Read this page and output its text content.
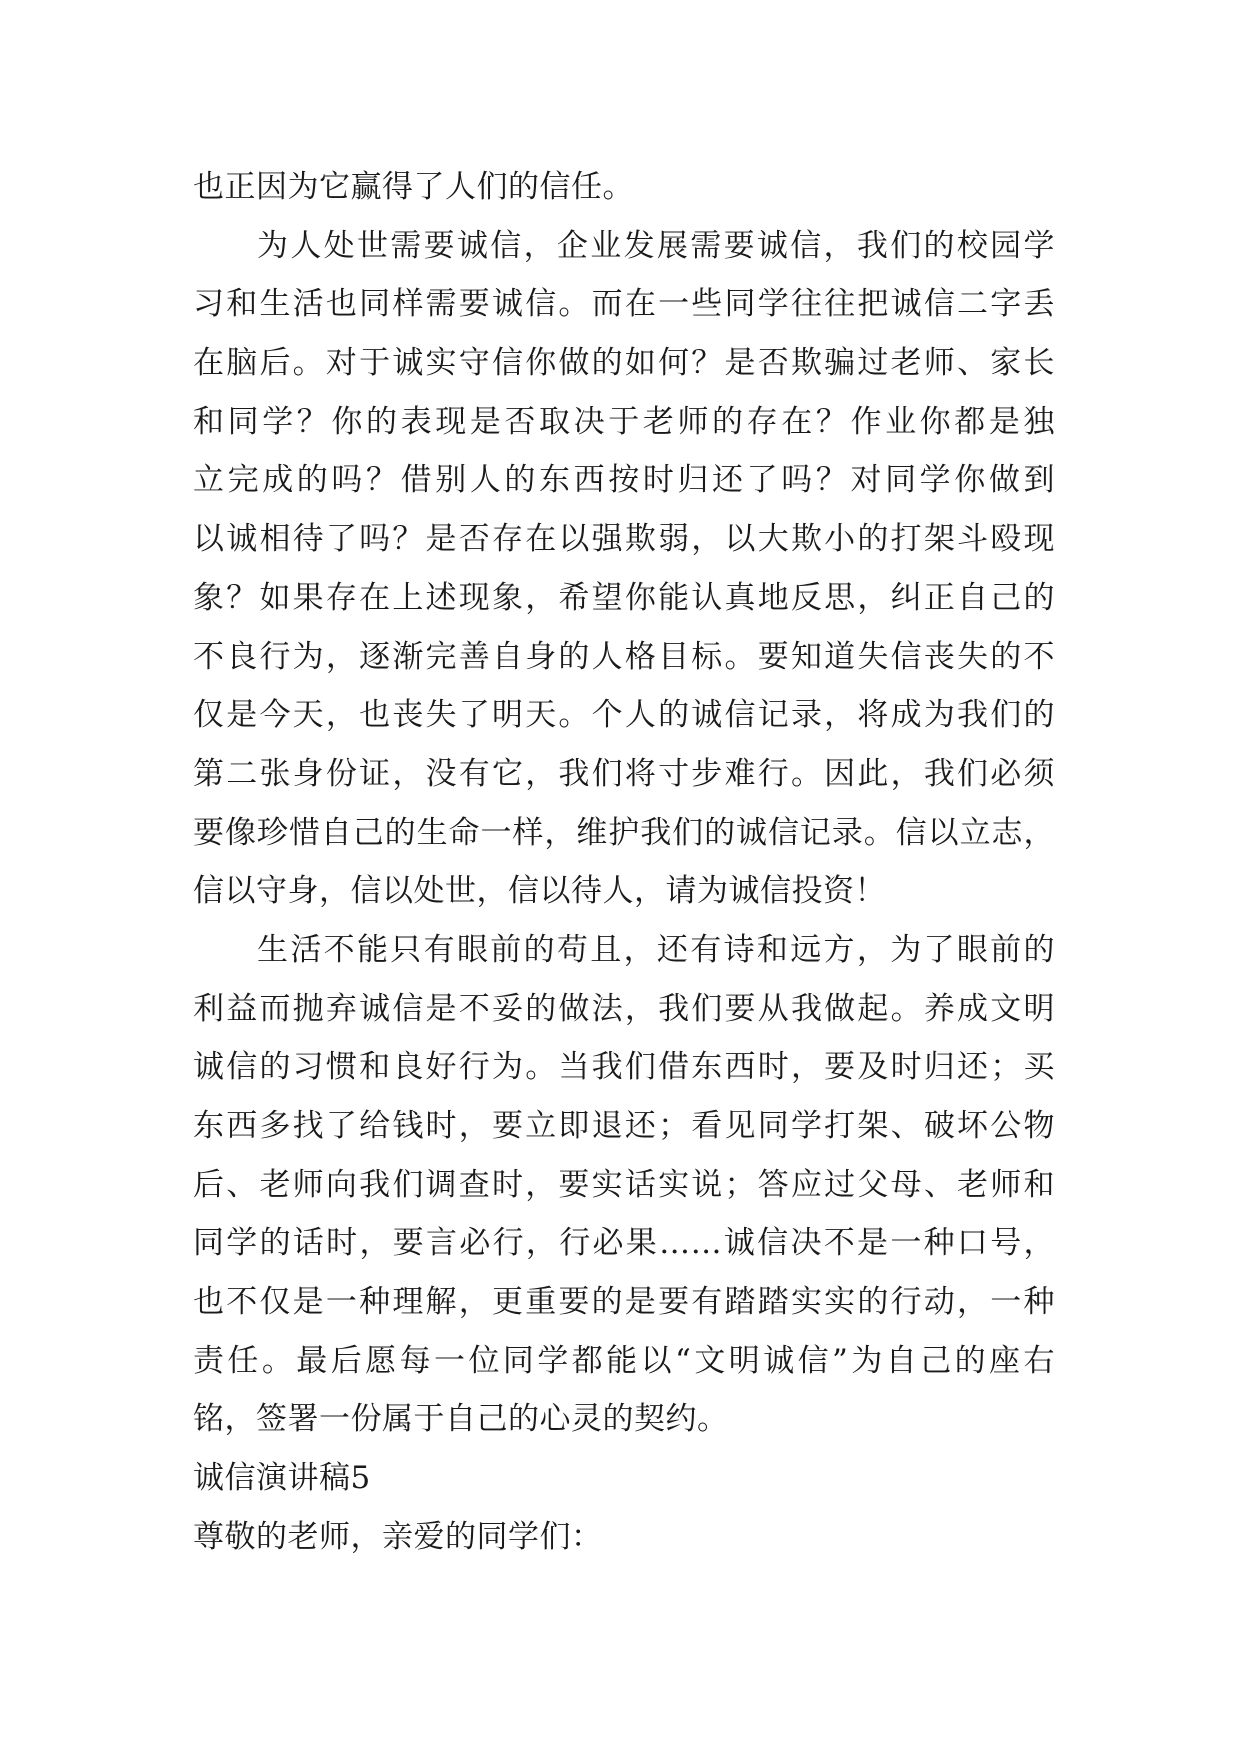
也正因为它赢得了人们的信任。
为人处世需要诚信，企业发展需要诚信，我们的校园学
习和生活也同样需要诚信。而在一些同学往往把诚信二字丢
在脑后。对于诚实守信你做的如何？是否欺骗过老师、家长
和同学？你的表现是否取决于老师的存在？作业你都是独
立完成的吗？借别人的东西按时归还了吗？对同学你做到
以诚相待了吗？是否存在以强欺弱，以大欺小的打架斗殴现
象？如果存在上述现象，希望你能认真地反思，纠正自己的
不良行为，逐渐完善自身的人格目标。要知道失信丧失的不
仅是今天，也丧失了明天。个人的诚信记录，将成为我们的
第二张身份证，没有它，我们将寸步难行。因此，我们必须
要像珍惜自己的生命一样，维护我们的诚信记录。信以立志，
信以守身，信以处世，信以待人，请为诚信投资！
生活不能只有眼前的苟且，还有诗和远方，为了眼前的
利益而抛弃诚信是不妥的做法，我们要从我做起。养成文明
诚信的习惯和良好行为。当我们借东西时，要及时归还；买
东西多找了给钱时，要立即退还；看见同学打架、破坏公物
后、老师向我们调查时，要实话实说；答应过父母、老师和
同学的话时，要言必行，行必果……诚信决不是一种口号，
也不仅是一种理解，更重要的是要有踏踏实实的行动，一种
责任。最后愿每一位同学都能以“文明诚信”为自己的座右
铭，签署一份属于自己的心灵的契约。
诚信演讲稿5
尊敬的老师，亲爱的同学们：
